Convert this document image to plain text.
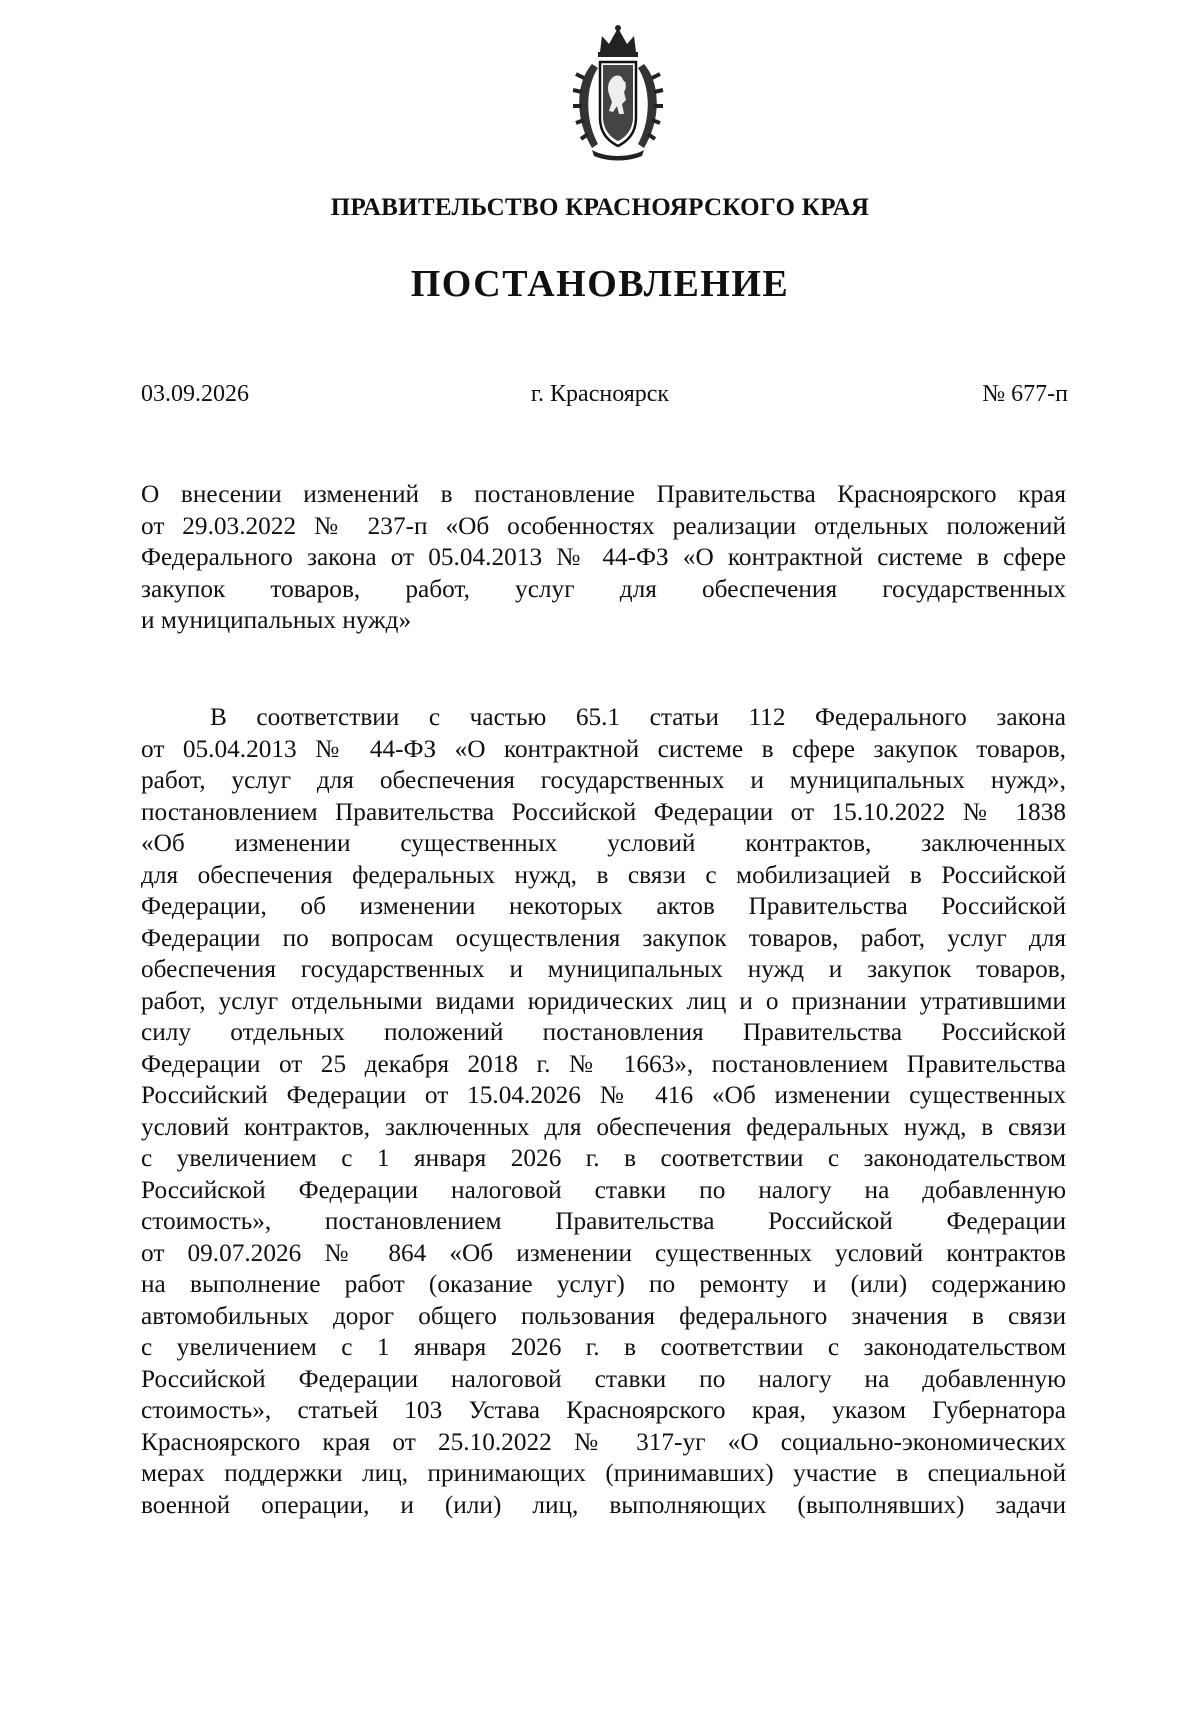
ПРАВИТЕЛЬСТВО КРАСНОЯРСКОГО КРАЯ
ПОСТАНОВЛЕНИЕ
03.09.2026	г. Красноярск	№ 677-п
О внесении изменений в постановление Правительства Красноярского края
от 29.03.2022 № 237-п «Об особенностях реализации отдельных положений
Федерального закона от 05.04.2013 № 44-ФЗ «О контрактной системе в сфере
закупок товаров, работ, услуг для обеспечения государственных
и муниципальных нужд»
В соответствии с частью 65.1 статьи 112 Федерального закона
от 05.04.2013 № 44-ФЗ «О контрактной системе в сфере закупок товаров,
работ, услуг для обеспечения государственных и муниципальных нужд»,
постановлением Правительства Российской Федерации от 15.10.2022 № 1838
«Об изменении существенных условий контрактов, заключенных
для обеспечения федеральных нужд, в связи с мобилизацией в Российской
Федерации, об изменении некоторых актов Правительства Российской
Федерации по вопросам осуществления закупок товаров, работ, услуг для
обеспечения государственных и муниципальных нужд и закупок товаров,
работ, услуг отдельными видами юридических лиц и о признании утратившими
силу отдельных положений постановления Правительства Российской
Федерации от 25 декабря 2018 г. № 1663», постановлением Правительства
Российский Федерации от 15.04.2026 № 416 «Об изменении существенных
условий контрактов, заключенных для обеспечения федеральных нужд, в связи
с увеличением с 1 января 2026 г. в соответствии с законодательством
Российской Федерации налоговой ставки по налогу на добавленную
стоимость», постановлением Правительства Российской Федерации
от 09.07.2026 № 864 «Об изменении существенных условий контрактов
на выполнение работ (оказание услуг) по ремонту и (или) содержанию
автомобильных дорог общего пользования федерального значения в связи
с увеличением с 1 января 2026 г. в соответствии с законодательством
Российской Федерации налоговой ставки по налогу на добавленную
стоимость», статьей 103 Устава Красноярского края, указом Губернатора
Красноярского края от 25.10.2022 № 317-уг «О социально-экономических
мерах поддержки лиц, принимающих (принимавших) участие в специальной
военной операции, и (или) лиц, выполняющих (выполнявших) задачи
